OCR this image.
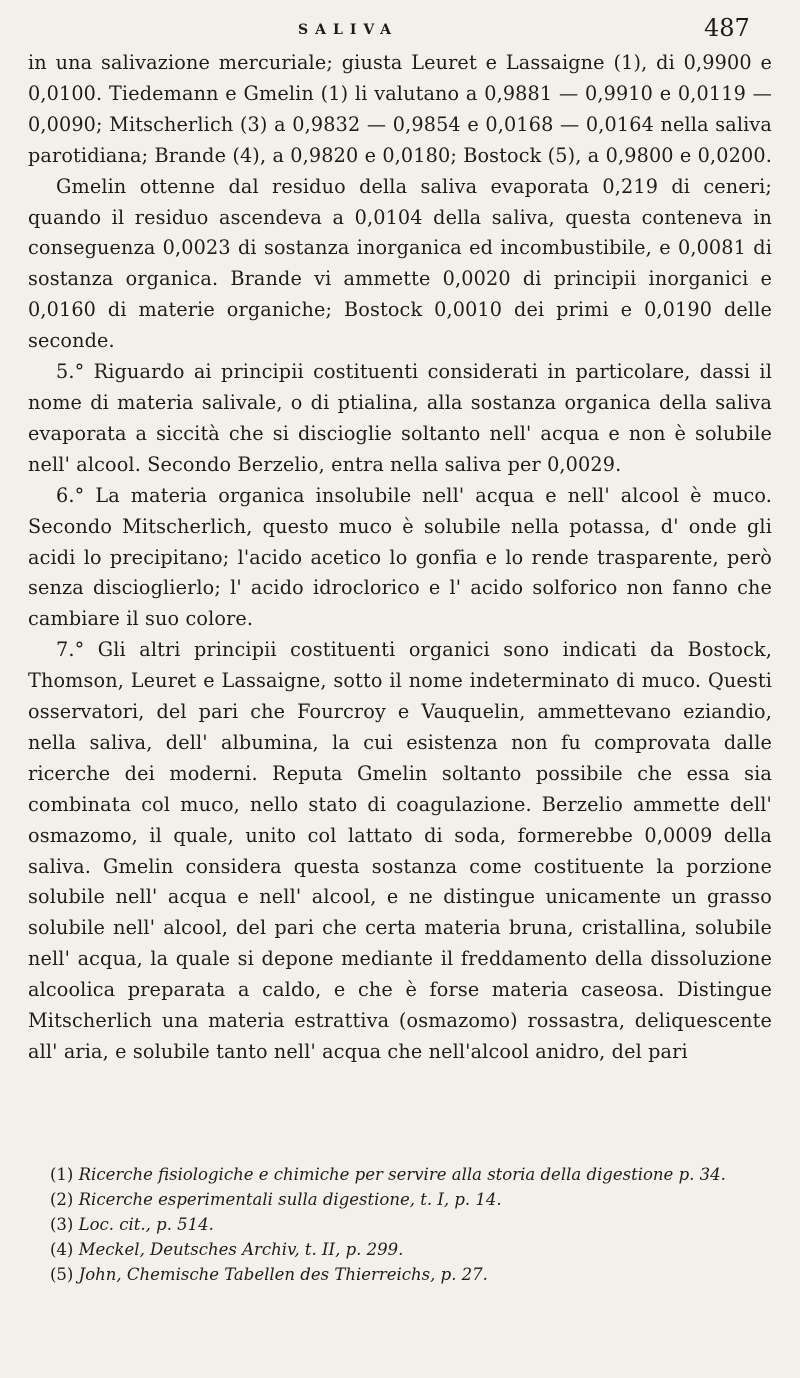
SALIVA	487

in una salivazione mercuriale; giusta Leuret e Lassaigne (1), di 0,9900 e 0,0100. Tiedemann e Gmelin (1) li valutano a 0,9881 — 0,9910 e 0,0119 — 0,0090; Mitscherlich (3) a 0,9832 — 0,9854 e 0,0168 — 0,0164 nella saliva parotidiana; Brande (4), a 0,9820 e 0,0180; Bostock (5), a 0,9800 e 0,0200.

Gmelin ottenne dal residuo della saliva evaporata 0,219 di ceneri; quando il residuo ascendeva a 0,0104 della saliva, questa conteneva in conseguenza 0,0023 di sostanza inorganica ed incombustibile, e 0,0081 di sostanza organica. Brande vi ammette 0,0020 di principii inorganici e 0,0160 di materie organiche; Bostock 0,0010 dei primi e 0,0190 delle seconde.

5.° Riguardo ai principii costituenti considerati in particolare, dassi il nome di materia salivale, o di ptialina, alla sostanza organica della saliva evaporata a siccità che si discioglie soltanto nell' acqua e non è solubile nell' alcool. Secondo Berzelio, entra nella saliva per 0,0029.

6.° La materia organica insolubile nell' acqua e nell' alcool è muco. Secondo Mitscherlich, questo muco è solubile nella potassa, d' onde gli acidi lo precipitano; l'acido acetico lo gonfia e lo rende trasparente, però senza discioglierlo; l' acido idroclorico e l' acido solforico non fanno che cambiare il suo colore.

7.° Gli altri principii costituenti organici sono indicati da Bostock, Thomson, Leuret e Lassaigne, sotto il nome indeterminato di muco. Questi osservatori, del pari che Fourcroy e Vauquelin, ammettevano eziandio, nella saliva, dell' albumina, la cui esistenza non fu comprovata dalle ricerche dei moderni. Reputa Gmelin soltanto possibile che essa sia combinata col muco, nello stato di coagulazione. Berzelio ammette dell' osmazomo, il quale, unito col lattato di soda, formerebbe 0,0009 della saliva. Gmelin considera questa sostanza come costituente la porzione solubile nell' acqua e nell' alcool, e ne distingue unicamente un grasso solubile nell' alcool, del pari che certa materia bruna, cristallina, solubile nell' acqua, la quale si depone mediante il freddamento della dissoluzione alcoolica preparata a caldo, e che è forse materia caseosa. Distingue Mitscherlich una materia estrattiva (osmazomo) rossastra, deliquescente all' aria, e solubile tanto nell' acqua che nell'alcool anidro, del pari

(1) Ricerche fisiologiche e chimiche per servire alla storia della digestione p. 34.

(2) Ricerche esperimentali sulla digestione, t. I, p. 14.

(3) Loc. cit., p. 514.

(4) Meckel, Deutsches Archiv, t. II, p. 299.

(5) John, Chemische Tabellen des Thierreichs, p. 27.
